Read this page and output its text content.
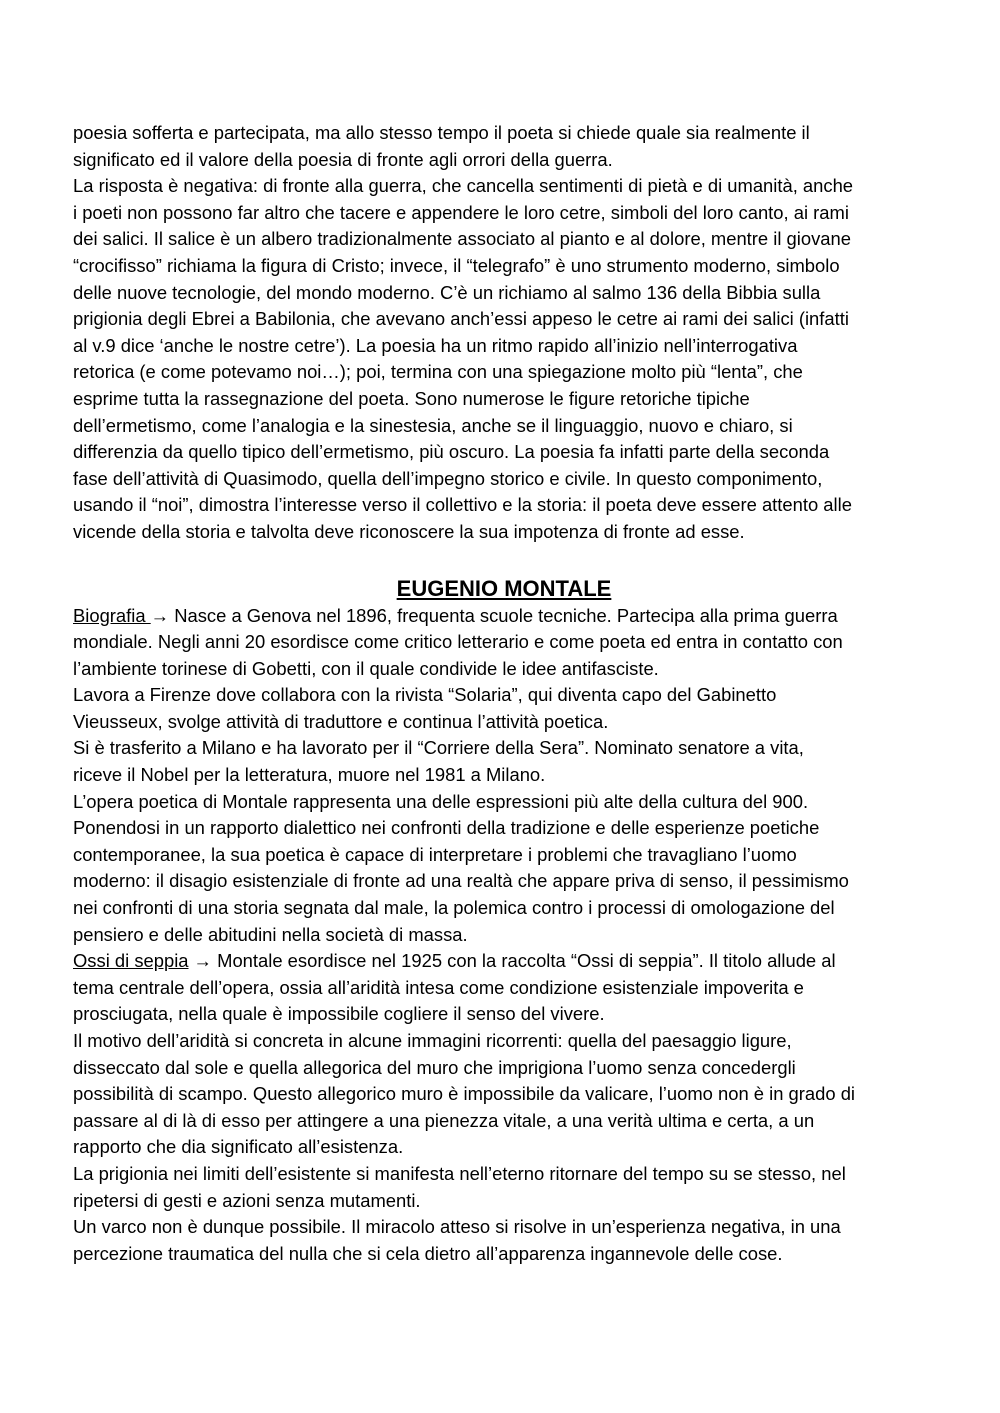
poesia sofferta e partecipata, ma allo stesso tempo il poeta si chiede quale sia realmente il

significato ed il valore della poesia di fronte agli orrori della guerra.

La risposta è negativa: di fronte alla guerra, che cancella sentimenti di pietà e di umanità, anche

i poeti non possono far altro che tacere e appendere le loro cetre, simboli del loro canto, ai rami

dei salici. Il salice è un albero tradizionalmente associato al pianto e al dolore, mentre il giovane

“crocifisso” richiama la figura di Cristo; invece, il “telegrafo” è uno strumento moderno, simbolo

delle nuove tecnologie, del mondo moderno. C’è un richiamo al salmo 136 della Bibbia sulla

prigionia degli Ebrei a Babilonia, che avevano anch’essi appeso le cetre ai rami dei salici (infatti

al v.9 dice ‘anche le nostre cetre’). La poesia ha un ritmo rapido all’inizio nell’interrogativa

retorica (e come potevamo noi…); poi, termina con una spiegazione molto più “lenta”, che

esprime tutta la rassegnazione del poeta. Sono numerose le figure retoriche tipiche

dell’ermetismo, come l’analogia e la sinestesia, anche se il linguaggio, nuovo e chiaro, si

differenzia da quello tipico dell’ermetismo, più oscuro. La poesia fa infatti parte della seconda

fase dell’attività di Quasimodo, quella dell’impegno storico e civile. In questo componimento,

usando il “noi”, dimostra l’interesse verso il collettivo e la storia: il poeta deve essere attento alle

vicende della storia e talvolta deve riconoscere la sua impotenza di fronte ad esse.

EUGENIO MONTALE

Biografia → Nasce a Genova nel 1896, frequenta scuole tecniche. Partecipa alla prima guerra

mondiale. Negli anni 20 esordisce come critico letterario e come poeta ed entra in contatto con

l’ambiente torinese di Gobetti, con il quale condivide le idee antifasciste.

Lavora a Firenze dove collabora con la rivista “Solaria”, qui diventa capo del Gabinetto

Vieusseux, svolge attività di traduttore e continua l’attività poetica.

Si è trasferito a Milano e ha lavorato per il “Corriere della Sera”. Nominato senatore a vita,

riceve il Nobel per la letteratura, muore nel 1981 a Milano.

L’opera poetica di Montale rappresenta una delle espressioni più alte della cultura del 900.

Ponendosi in un rapporto dialettico nei confronti della tradizione e delle esperienze poetiche

contemporanee, la sua poetica è capace di interpretare i problemi che travagliano l’uomo

moderno: il disagio esistenziale di fronte ad una realtà che appare priva di senso, il pessimismo

nei confronti di una storia segnata dal male, la polemica contro i processi di omologazione del

pensiero e delle abitudini nella società di massa.

Ossi di seppia → Montale esordisce nel 1925 con la raccolta “Ossi di seppia”. Il titolo allude al

tema centrale dell’opera, ossia all’aridità intesa come condizione esistenziale impoverita e

prosciugata, nella quale è impossibile cogliere il senso del vivere.

Il motivo dell’aridità si concreta in alcune immagini ricorrenti: quella del paesaggio ligure,

disseccato dal sole e quella allegorica del muro che imprigiona l’uomo senza concedergli

possibilità di scampo. Questo allegorico muro è impossibile da valicare, l’uomo non è in grado di

passare al di là di esso per attingere a una pienezza vitale, a una verità ultima e certa, a un

rapporto che dia significato all’esistenza.

La prigionia nei limiti dell’esistente si manifesta nell’eterno ritornare del tempo su se stesso, nel

ripetersi di gesti e azioni senza mutamenti.

Un varco non è dunque possibile. Il miracolo atteso si risolve in un’esperienza negativa, in una

percezione traumatica del nulla che si cela dietro all’apparenza ingannevole delle cose.
